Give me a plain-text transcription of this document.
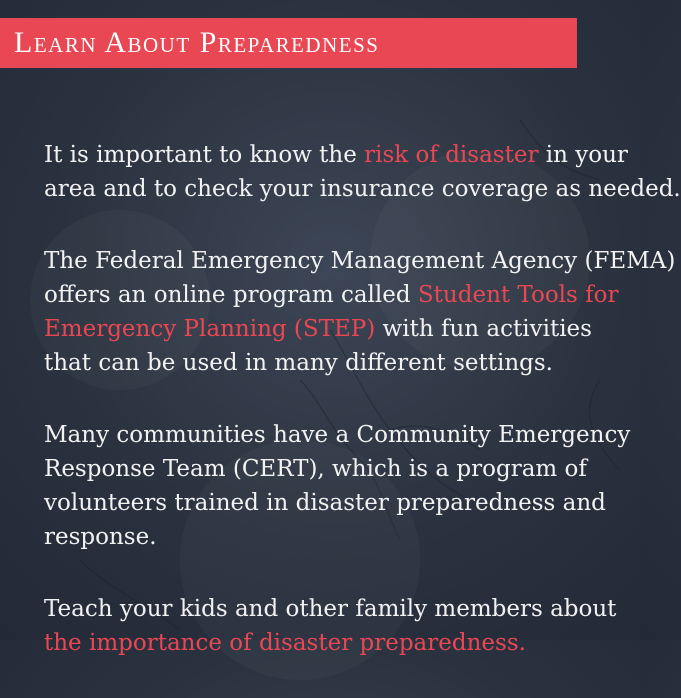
Learn About Preparedness

It is important to know the risk of disaster in your
area and to check your insurance coverage as needed.

The Federal Emergency Management Agency (FEMA)
offers an online program called Student Tools for
Emergency Planning (STEP) with fun activities
that can be used in many different settings.

Many communities have a Community Emergency
Response Team (CERT), which is a program of
volunteers trained in disaster preparedness and
response.

Teach your kids and other family members about
the importance of disaster preparedness.
